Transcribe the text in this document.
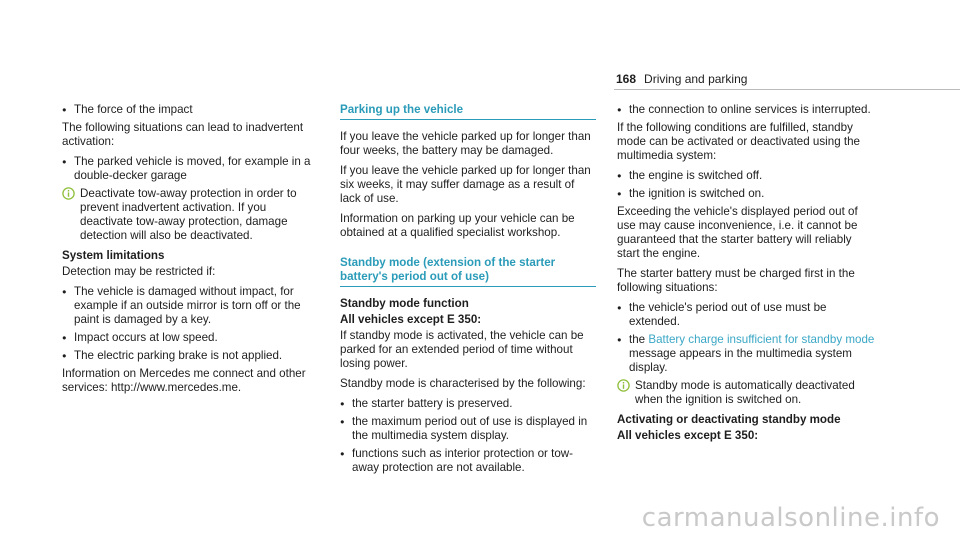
168 Driving and parking
● The force of the impact

The following situations can lead to inadvertent activation:

● The parked vehicle is moved, for example in a double-decker garage
Deactivate tow-away protection in order to prevent inadvertent activation. If you deactivate tow-away protection, damage detection will also be deactivated.
System limitations

Detection may be restricted if:

● The vehicle is damaged without impact, for example if an outside mirror is torn off or the paint is damaged by a key.
● Impact occurs at low speed.
● The electric parking brake is not applied.

Information on Mercedes me connect and other services: http://www.mercedes.me.

Parking up the vehicle

If you leave the vehicle parked up for longer than four weeks, the battery may be damaged.

If you leave the vehicle parked up for longer than six weeks, it may suffer damage as a result of lack of use.

Information on parking up your vehicle can be obtained at a qualified specialist workshop.

Standby mode (extension of the starter battery's period out of use)
Standby mode function
All vehicles except E 350:

If standby mode is activated, the vehicle can be parked for an extended period of time without losing power.

Standby mode is characterised by the following:

● the starter battery is preserved.
● the maximum period out of use is displayed in the multimedia system display.
● functions such as interior protection or tow-away protection are not available.
● the connection to online services is interrupted.

If the following conditions are fulfilled, standby mode can be activated or deactivated using the multimedia system:

● the engine is switched off.
● the ignition is switched on.

Exceeding the vehicle's displayed period out of use may cause inconvenience, i.e. it cannot be guaranteed that the starter battery will reliably start the engine.

The starter battery must be charged first in the following situations:

● the vehicle's period out of use must be extended.
● the Battery charge insufficient for standby mode message appears in the multimedia system display.
Standby mode is automatically deactivated when the ignition is switched on.
Activating or deactivating standby mode
All vehicles except E 350:
carmanualsonline.info
